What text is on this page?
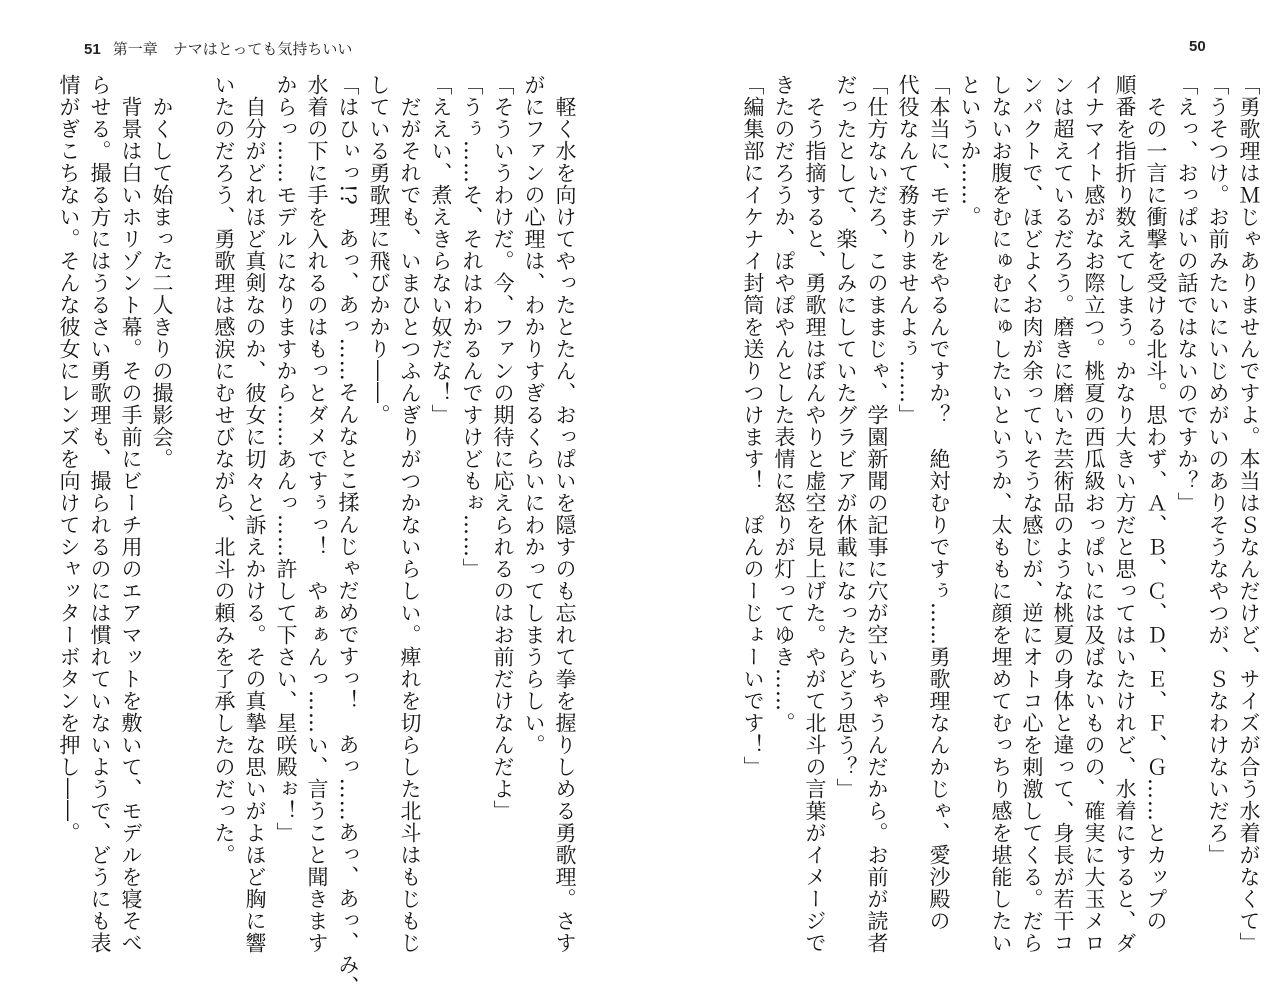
51 第一章　ナマはとっても気持ちいい
　軽く水を向けてやったとたん、おっぱいを隠すのも忘れて拳を握りしめる勇歌理。さす
がにファンの心理は、わかりすぎるくらいにわかってしまうらしい。
「そういうわけだ。今、ファンの期待に応えられるのはお前だけなんだよ」
「うぅ……そ、それはわかるんですけどもぉ……」
「ええい、煮えきらない奴だな！」
　だがそれでも、いまひとつふんぎりがつかないらしい。痺れを切らした北斗はもじもじ
している勇歌理に飛びかかり――。
「はひぃっ!?　あっ、あっ……そんなとこ揉んじゃだめですっ！　あっ……あっ、あっ、み、
水着の下に手を入れるのはもっとダメですぅっ！　やぁぁんっ……い、言うこと聞きます
からっ……モデルになりますから……あんっ……許して下さい、星咲殿ぉ！」
　自分がどれほど真剣なのか、彼女に切々と訴えかける。その真摯な思いがよほど胸に響
いたのだろう、勇歌理は感涙にむせびながら、北斗の頼みを了承したのだった。
　かくして始まった二人きりの撮影会。
　背景は白いホリゾント幕。その手前にビーチ用のエアマットを敷いて、モデルを寝そべ
らせる。撮る方にはうるさい勇歌理も、撮られるのには慣れていないようで、どうにも表
情がぎこちない。そんな彼女にレンズを向けてシャッターボタンを押し――。
50
「勇歌理はＭじゃありませんですよ。本当はＳなんだけど、サイズが合う水着がなくて」
「うそつけ。お前みたいにいじめがいのありそうなやつが、Ｓなわけないだろ」
「えっ、おっぱいの話ではないのですか？」
　その一言に衝撃を受ける北斗。思わず、Ａ、Ｂ、Ｃ、Ｄ、Ｅ、Ｆ、Ｇ……とカップの
順番を指折り数えてしまう。かなり大きい方だと思ってはいたけれど、水着にすると、ダ
イナマイト感がなお際立つ。桃夏の西瓜級おっぱいには及ばないものの、確実に大玉メロ
ンは超えているだろう。磨きに磨いた芸術品のような桃夏の身体と違って、身長が若干コ
ンパクトで、ほどよくお肉が余っていそうな感じが、逆にオトコ心を刺激してくる。だら
しないお腹をむにゅむにゅしたいというか、太ももに顔を埋めてむっちり感を堪能したい
というか……。
「本当に、モデルをやるんですか？　絶対むりですぅ……勇歌理なんかじゃ、愛沙殿の
代役なんて務まりませんよぅ……」
「仕方ないだろ、このままじゃ、学園新聞の記事に穴が空いちゃうんだから。お前が読者
だったとして、楽しみにしていたグラビアが休載になったらどう思う？」
　そう指摘すると、勇歌理はぼんやりと虚空を見上げた。やがて北斗の言葉がイメージで
きたのだろうか、ぽやぽやんとした表情に怒りが灯ってゆき……。
「編集部にイケナイ封筒を送りつけます！　ぽんのーじょーいです！」
